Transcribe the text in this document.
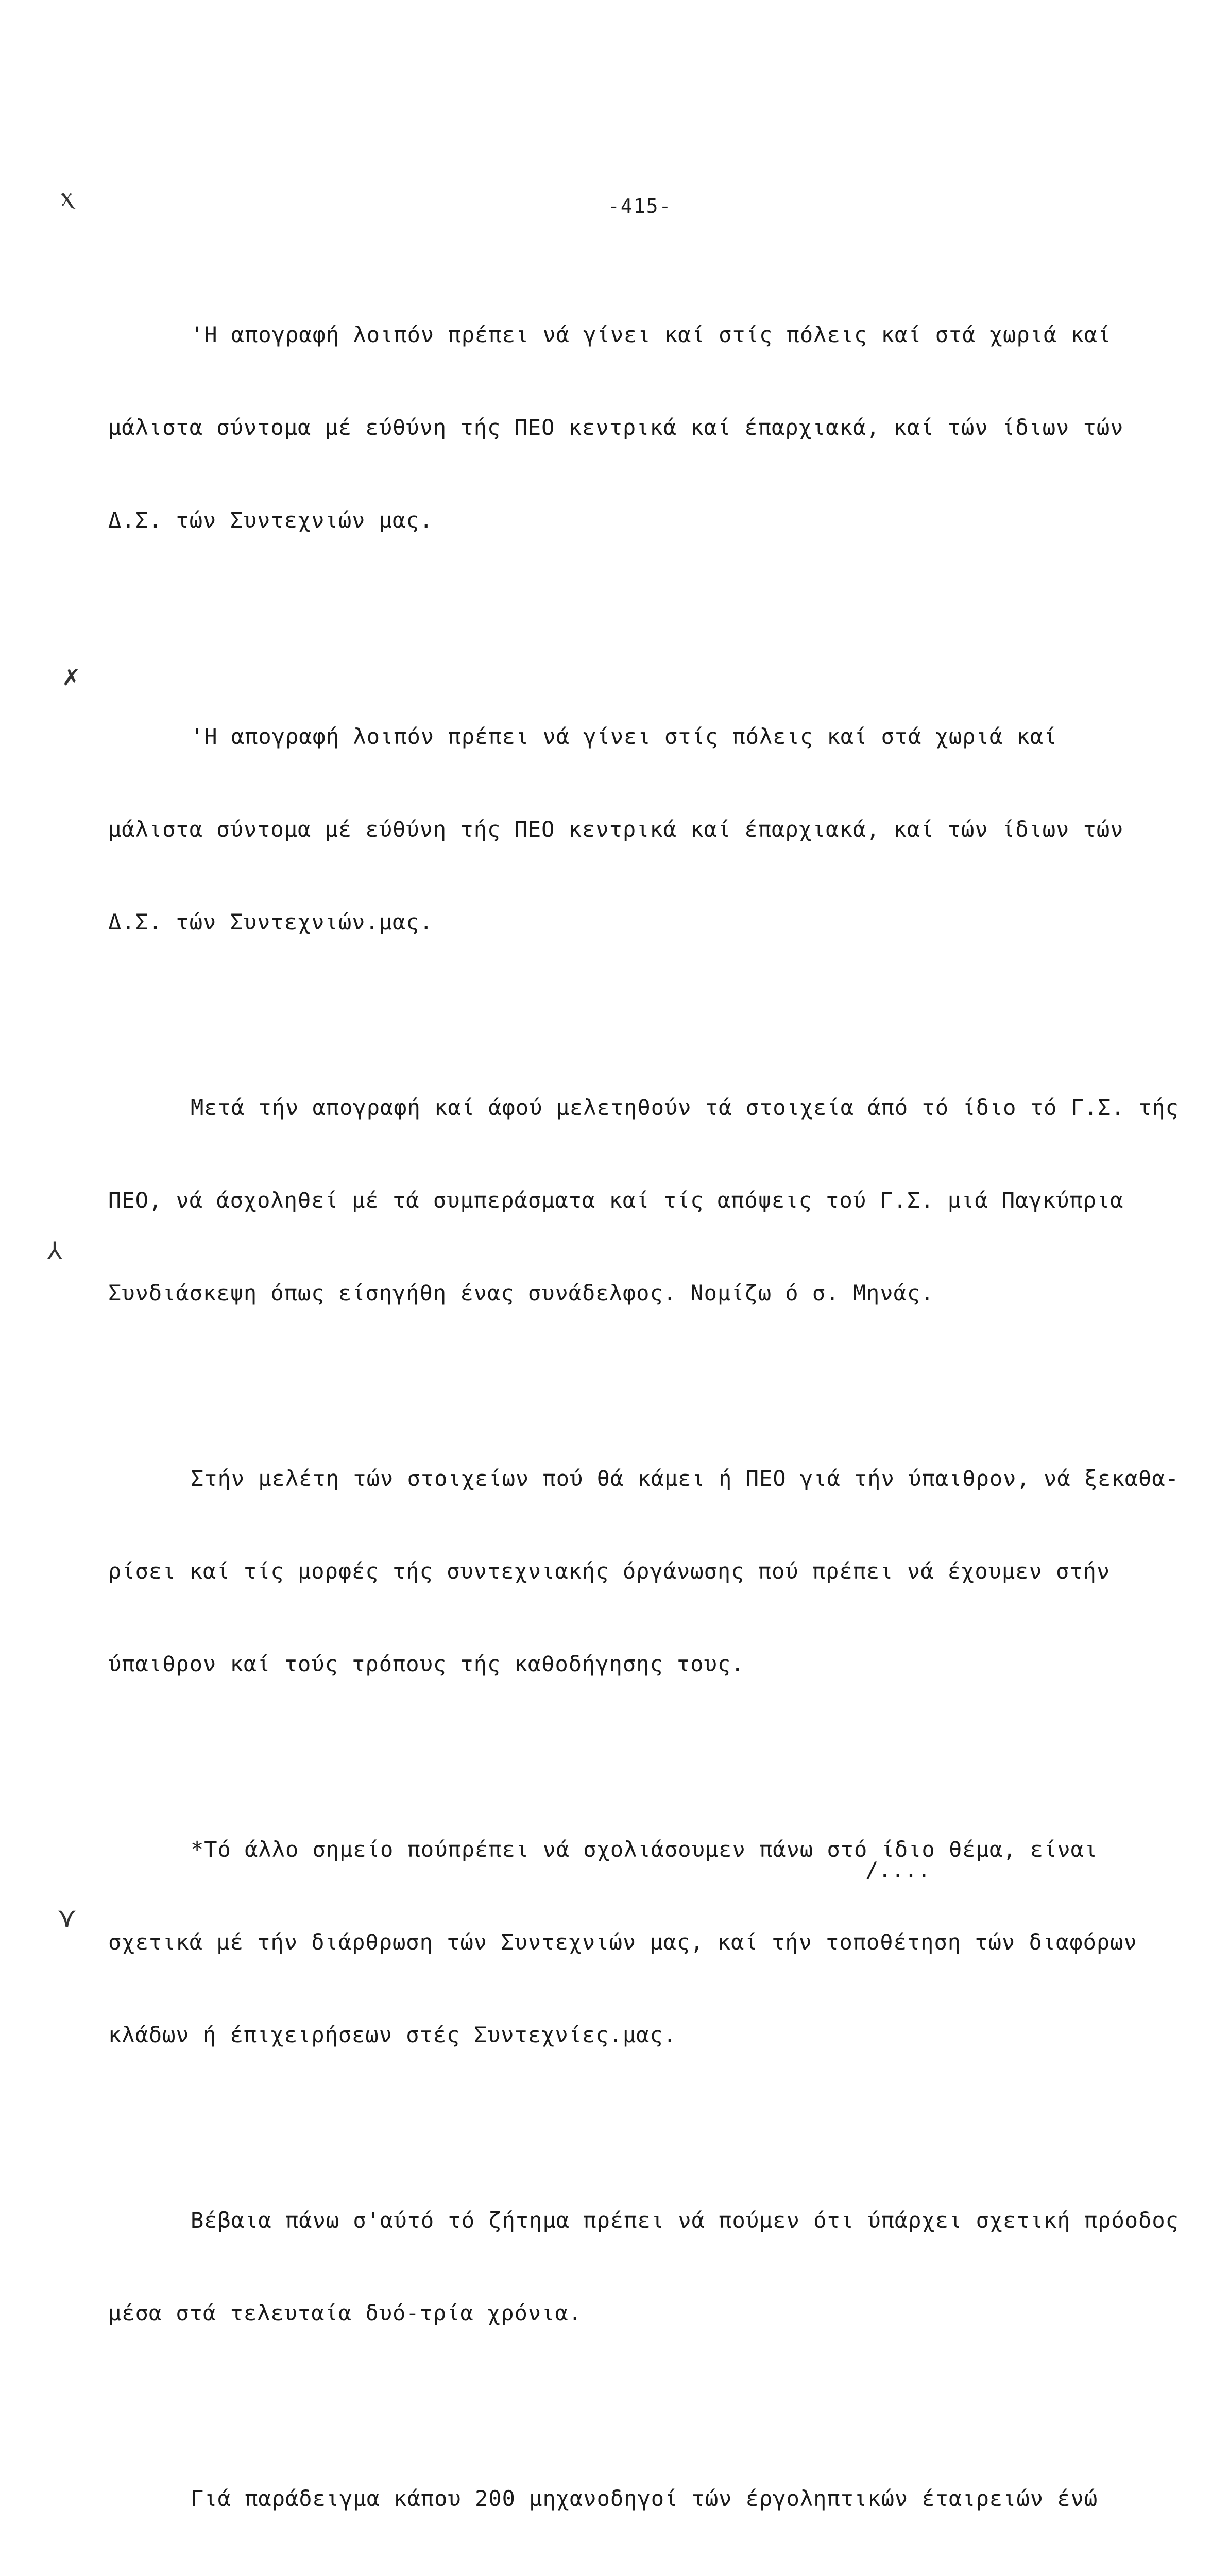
ⲭ
✗
⅄
⋎

-415-

'Η απογραφή λοιπόν πρέπει νά γίνει καί στίς πόλεις καί στά χωριά καί

μάλιστα σύντομα μέ εύθύνη τής ΠΕΟ κεντρικά καί έπαρχιακά, καί τών ίδιων τών

Δ.Σ. τών Συντεχνιών μας.

'Η απογραφή λοιπόν πρέπει νά γίνει στίς πόλεις καί στά χωριά καί

μάλιστα σύντομα μέ εύθύνη τής ΠΕΟ κεντρικά καί έπαρχιακά, καί τών ίδιων τών

Δ.Σ. τών Συντεχνιών.μας.

Μετά τήν απογραφή καί άφού μελετηθούν τά στοιχεία άπό τό ίδιο τό Γ.Σ. τής

ΠΕΟ, νά άσχοληθεί μέ τά συμπεράσματα καί τίς απόψεις τού Γ.Σ. μιά Παγκύπρια

Συνδιάσκεψη όπως είσηγήθη ένας συνάδελφος. Νομίζω ό σ. Μηνάς.

Στήν μελέτη τών στοιχείων πού θά κάμει ή ΠΕΟ γιά τήν ύπαιθρον, νά ξεκαθα-

ρίσει καί τίς μορφές τής συντεχνιακής όργάνωσης πού πρέπει νά έχουμεν στήν

ύπαιθρον καί τούς τρόπους τής καθοδήγησης τους.

*Τό άλλο σημείο πούπρέπει νά σχολιάσουμεν πάνω στό ίδιο θέμα, είναι

σχετικά μέ τήν διάρθρωση τών Συντεχνιών μας, καί τήν τοποθέτηση τών διαφόρων

κλάδων ή έπιχειρήσεων στές Συντεχνίες.μας.

Βέβαια πάνω σ'αύτό τό ζήτημα πρέπει νά πούμεν ότι ύπάρχει σχετική πρόοδος

μέσα στά τελευταία δυό-τρία χρόνια.

Γιά παράδειγμα κάπου 200 μηχανοδηγοί τών έργοληπτικών έταιρειών ένώ

/....
